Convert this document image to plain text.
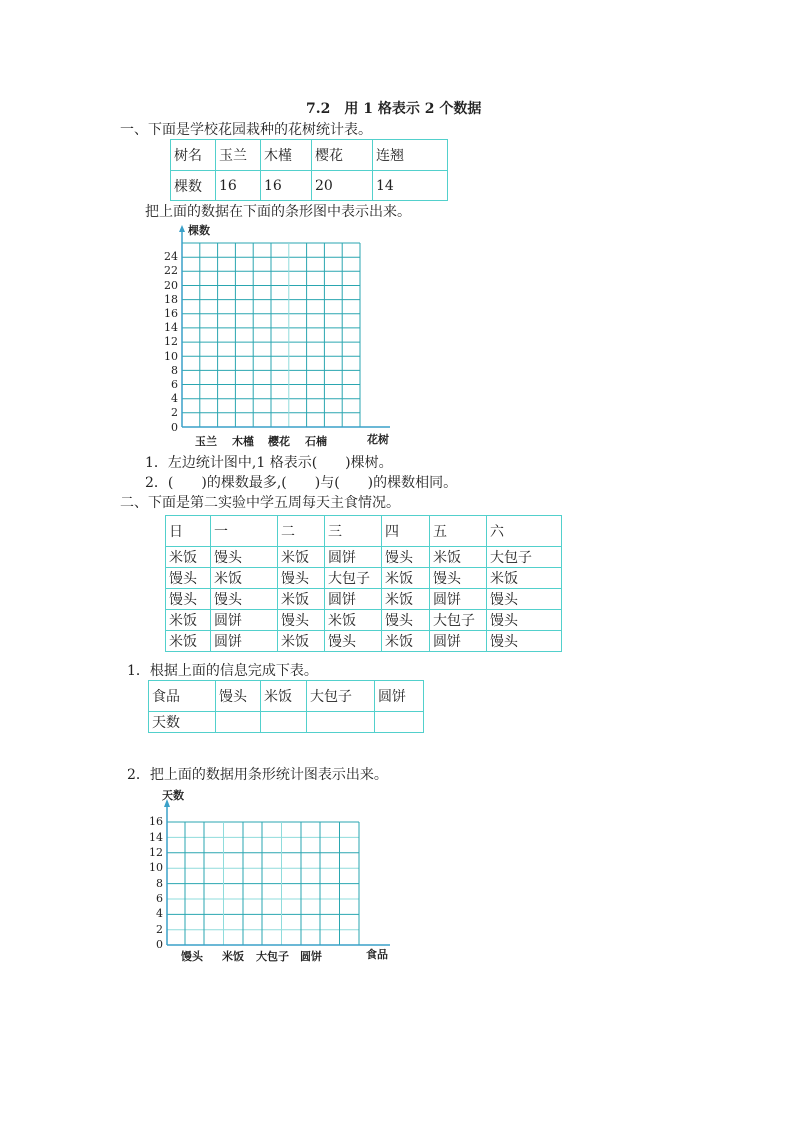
7.2　用 1 格表示 2 个数据
一、下面是学校花园栽种的花树统计表。
树名	玉兰	木槿	樱花	连翘
棵数	16	16	20	14
把上面的数据在下面的条形图中表示出来。
棵数
0
2
4
6
8
10
12
14
16
18
20
22
24
玉兰 木槿 樱花 石楠	花树
1．左边统计图中,1 格表示(　　)棵树。
2．(　　)的棵数最多,(　　)与(　　)的棵数相同。
二、下面是第二实验中学五周每天主食情况。
日	一	二	三	四	五	六
米饭	馒头	米饭	圆饼	馒头	米饭	大包子
馒头	米饭	馒头	大包子	米饭	馒头	米饭
馒头	馒头	米饭	圆饼	米饭	圆饼	馒头
米饭	圆饼	馒头	米饭	馒头	大包子	馒头
米饭	圆饼	米饭	馒头	米饭	圆饼	馒头
1．根据上面的信息完成下表。
食品	馒头	米饭	大包子	圆饼
天数				
2．把上面的数据用条形统计图表示出来。
天数
0
2
4
6
8
10
12
14
16
馒头 米饭 大包子 圆饼	食品
